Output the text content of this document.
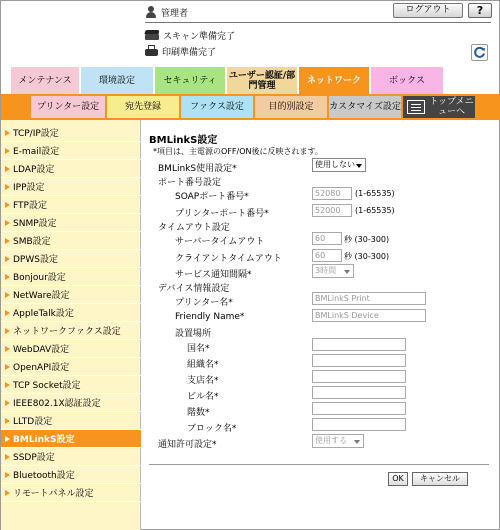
管理者	ログアウト	?
スキャン準備完了
印刷準備完了
メンテナンス	環境設定	セキュリティ	ユーザー認証/部門管理	ネットワーク	ボックス
プリンター設定	宛先登録	ファクス設定	目的別設定	カスタマイズ設定	トップメニューへ
TCP/IP設定
E-mail設定
LDAP設定
IPP設定
FTP設定
SNMP設定
SMB設定
DPWS設定
Bonjour設定
NetWare設定
AppleTalk設定
ネットワークファクス設定
WebDAV設定
OpenAPI設定
TCP Socket設定
IEEE802.1X認証設定
LLTD設定
BMLinkS設定
SSDP設定
Bluetooth設定
リモートパネル設定
BMLinkS設定
*項目は、主電源のOFF/ON後に反映されます。
BMLinkS使用設定*	使用しない
ポート番号設定
SOAPポート番号*	52080	(1-65535)
プリンターポート番号*	52000	(1-65535)
タイムアウト設定
サーバータイムアウト	60	秒 (30-300)
クライアントタイムアウト	60	秒 (30-300)
サービス通知間隔*	3時間
デバイス情報設定
プリンター名*	BMLinkS Print
Friendly Name*	BMLinkS Device
設置場所
国名*
組織名*
支店名*
ビル名*
階数*
ブロック名*
通知許可設定*	使用する
OK	キャンセル
